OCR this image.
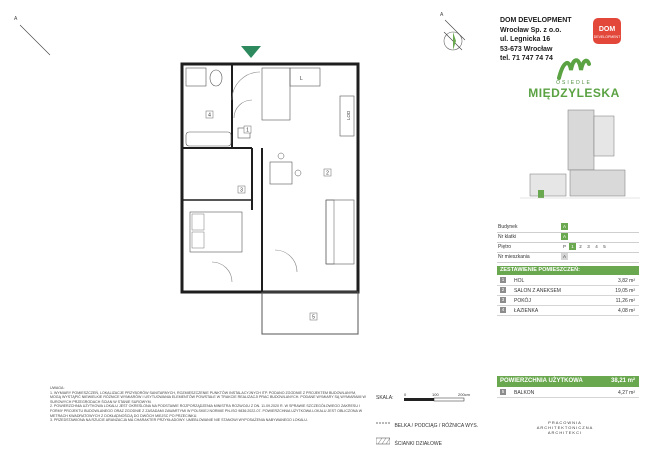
A
A
L
LOD
1
2
3
4
5
DOM DEVELOPMENT
Wrocław Sp. z o.o.
ul. Legnicka 16
53-673 Wrocław
tel. 71 747 74 74
DOM
DEVELOPMENT
OSIEDLE
MIĘDZYLESKA
Budynek	A
Nr klatki	A
Piętro	P	1	2	3	4	5
Nr mieszkania	A
ZESTAWIENIE POMIESZCZEŃ:
1	HOL	3,82 m²
2	SALON Z ANEKSEM	19,05 m²
3	POKÓJ	11,26 m²
4	ŁAZIENKA	4,08 m²
POWIERZCHNIA UŻYTKOWA	38,21 m²
5	BALKON	4,27 m²

UWAGA:

1. WYMIARY POMIESZCZEŃ, LOKALIZACJE PRZYBORÓW SANITARNYCH, ROZMIESZCZENIE PUNKTÓW INSTALACYJNYCH ITP. PODANO ZGODNIE Z PROJEKTEM BUDOWLANYM, MOGĄ WYSTĄPIĆ NIEWIELKIE RÓŻNICE WYMIARÓW I USYTUOWANIA ELEMENTÓW POWSTAŁE W TRAKCIE REALIZACJI PRAC BUDOWLANYCH. PODANE WYMIARY SĄ WYMIARAMI W SUROWYCH PRZEGRODACH ŚCIAN W STANIE SUROWYM.

2. POWIERZCHNIA UŻYTKOWA LOKALU JEST OKREŚLONA NA PODSTAWIE ROZPORZĄDZENIA MINISTRA ROZWOJU Z DN. 11.09.2020 R. W SPRAWIE SZCZEGÓŁOWEGO ZAKRESU I FORMY PROJEKTU BUDOWLANEGO ORAZ ZGODNIE Z ZASADAMI ZAWARTYMI W POLSKIEJ NORMIE PN-ISO 9836:2022-07. POWIERZCHNIA UŻYTKOWA LOKALU JEST OBLICZONA W METRACH KWADRATOWYCH Z DOKŁADNOŚCIĄ DO DWÓCH MIEJSC PO PRZECINKU.

3. PRZEDSTAWIONA NA RZUCIE ARANŻACJA MA CHARAKTER PRZYKŁADOWY. UMEBLOWANIE NIE STANOWI WYPOSAŻENIA NABYWANEGO LOKALU.

SKALA:
0	100	200cm
BELKA / PODCIĄG / RÓŻNICA WYS.
ŚCIANKI DZIAŁOWE
PRACOWNIA
ARCHITEKTONICZNA
ARCHITEKCI
